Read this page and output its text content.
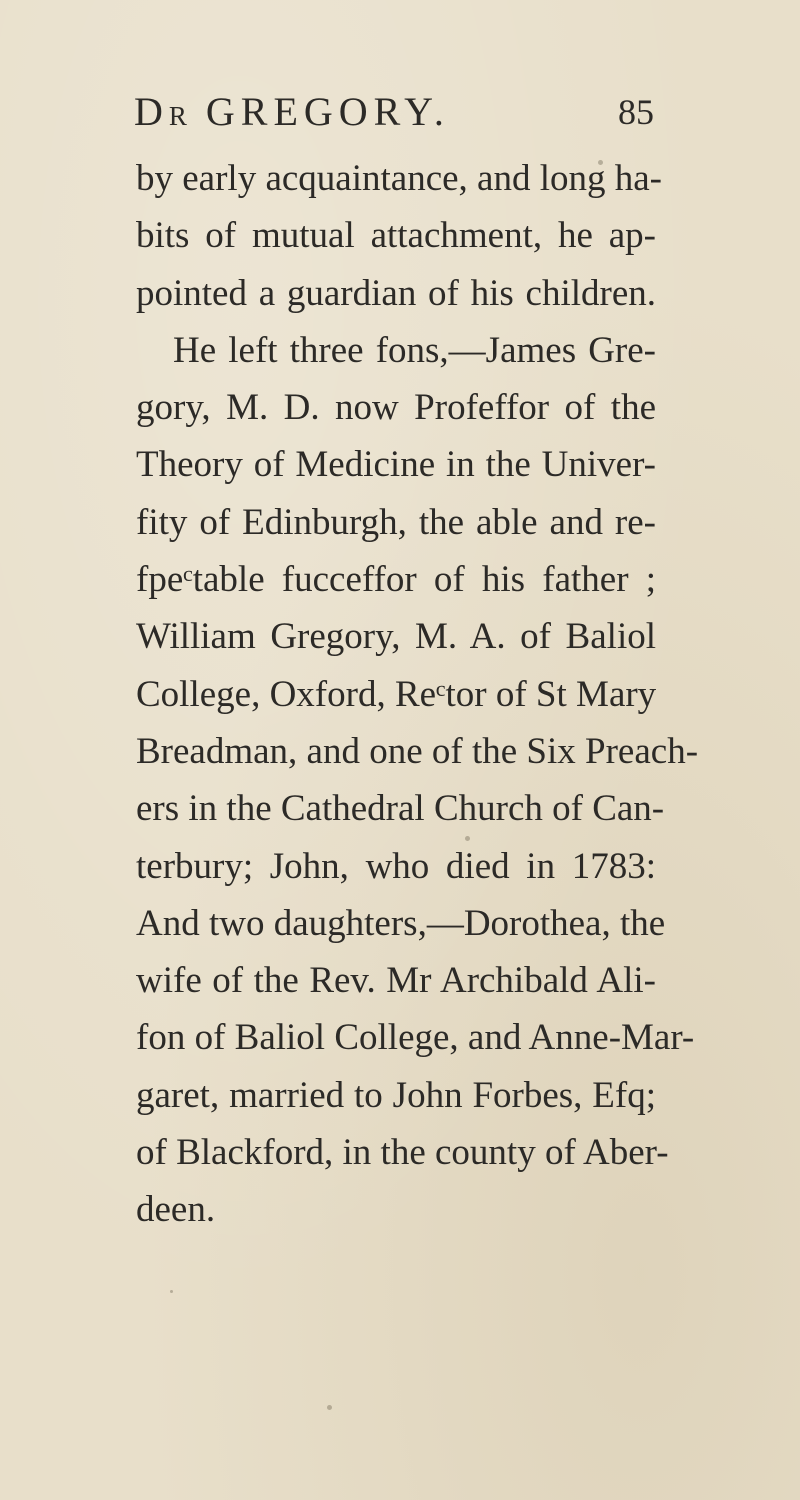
DR GREGORY.	85
by early acquaintance, and long ha-
bits of mutual attachment, he ap-
pointed a guardian of his children.
He left three fons,—James Gre-
gory, M. D. now Profeffor of the
Theory of Medicine in the Univer-
fity of Edinburgh, the able and re-
fpeᶜtable fucceffor of his father ;
William Gregory, M. A. of Baliol
College, Oxford, Reᶜtor of St Mary
Breadman, and one of the Six Preach-
ers in the Cathedral Church of Can-
terbury; John, who died in 1783:
And two daughters,—Dorothea, the
wife of the Rev. Mr Archibald Ali-
fon of Baliol College, and Anne-Mar-
garet, married to John Forbes, Efq;
of Blackford, in the county of Aber-
deen.
